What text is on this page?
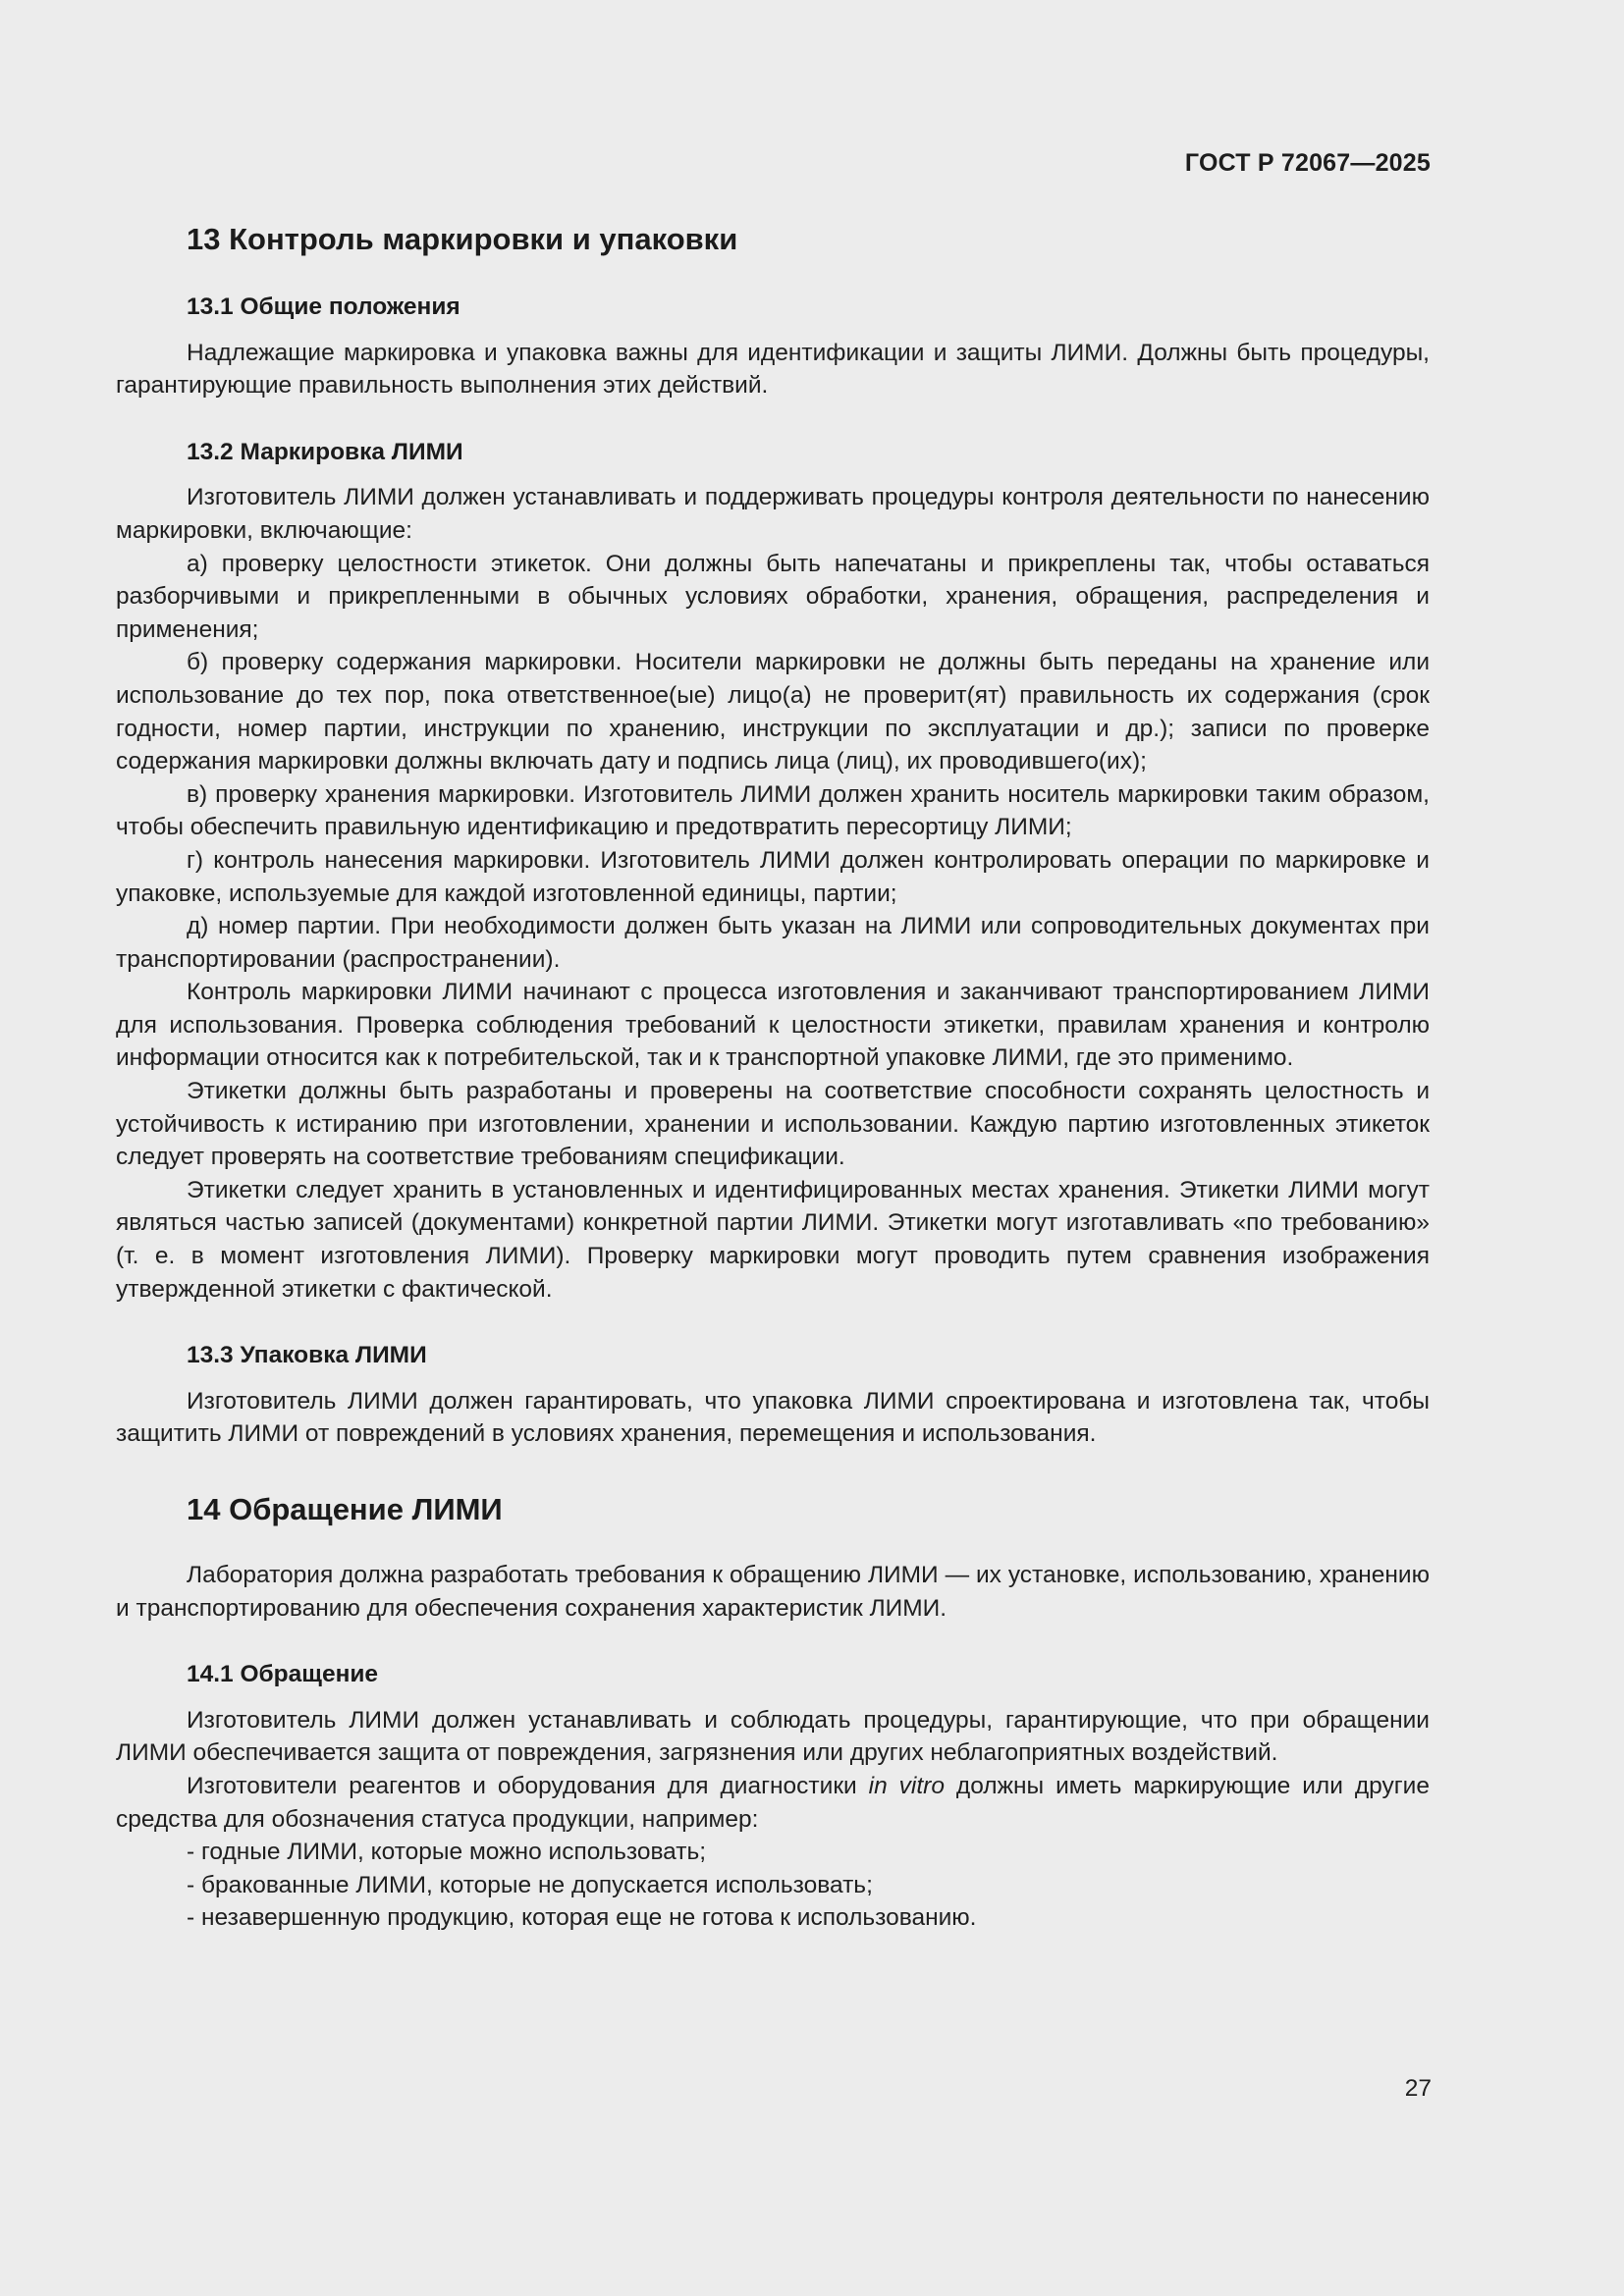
ГОСТ Р 72067—2025
13 Контроль маркировки и упаковки
13.1 Общие положения

Надлежащие маркировка и упаковка важны для идентификации и защиты ЛИМИ. Должны быть процедуры, гарантирующие правильность выполнения этих действий.

13.2 Маркировка ЛИМИ

Изготовитель ЛИМИ должен устанавливать и поддерживать процедуры контроля деятельности по нанесению маркировки, включающие:

а) проверку целостности этикеток. Они должны быть напечатаны и прикреплены так, чтобы оставаться разборчивыми и прикрепленными в обычных условиях обработки, хранения, обращения, распределения и применения;

б) проверку содержания маркировки. Носители маркировки не должны быть переданы на хранение или использование до тех пор, пока ответственное(ые) лицо(а) не проверит(ят) правильность их содержания (срок годности, номер партии, инструкции по хранению, инструкции по эксплуатации и др.); записи по проверке содержания маркировки должны включать дату и подпись лица (лиц), их проводившего(их);

в) проверку хранения маркировки. Изготовитель ЛИМИ должен хранить носитель маркировки таким образом, чтобы обеспечить правильную идентификацию и предотвратить пересортицу ЛИМИ;

г) контроль нанесения маркировки. Изготовитель ЛИМИ должен контролировать операции по маркировке и упаковке, используемые для каждой изготовленной единицы, партии;

д) номер партии. При необходимости должен быть указан на ЛИМИ или сопроводительных документах при транспортировании (распространении).

Контроль маркировки ЛИМИ начинают с процесса изготовления и заканчивают транспортированием ЛИМИ для использования. Проверка соблюдения требований к целостности этикетки, правилам хранения и контролю информации относится как к потребительской, так и к транспортной упаковке ЛИМИ, где это применимо.

Этикетки должны быть разработаны и проверены на соответствие способности сохранять целостность и устойчивость к истиранию при изготовлении, хранении и использовании. Каждую партию изготовленных этикеток следует проверять на соответствие требованиям спецификации.

Этикетки следует хранить в установленных и идентифицированных местах хранения. Этикетки ЛИМИ могут являться частью записей (документами) конкретной партии ЛИМИ. Этикетки могут изготавливать «по требованию» (т. е. в момент изготовления ЛИМИ). Проверку маркировки могут проводить путем сравнения изображения утвержденной этикетки с фактической.

13.3 Упаковка ЛИМИ

Изготовитель ЛИМИ должен гарантировать, что упаковка ЛИМИ спроектирована и изготовлена так, чтобы защитить ЛИМИ от повреждений в условиях хранения, перемещения и использования.

14 Обращение ЛИМИ

Лаборатория должна разработать требования к обращению ЛИМИ — их установке, использованию, хранению и транспортированию для обеспечения сохранения характеристик ЛИМИ.

14.1 Обращение

Изготовитель ЛИМИ должен устанавливать и соблюдать процедуры, гарантирующие, что при обращении ЛИМИ обеспечивается защита от повреждения, загрязнения или других неблагоприятных воздействий.

Изготовители реагентов и оборудования для диагностики in vitro должны иметь маркирующие или другие средства для обозначения статуса продукции, например:

- годные ЛИМИ, которые можно использовать;
- бракованные ЛИМИ, которые не допускается использовать;
- незавершенную продукцию, которая еще не готова к использованию.
27
